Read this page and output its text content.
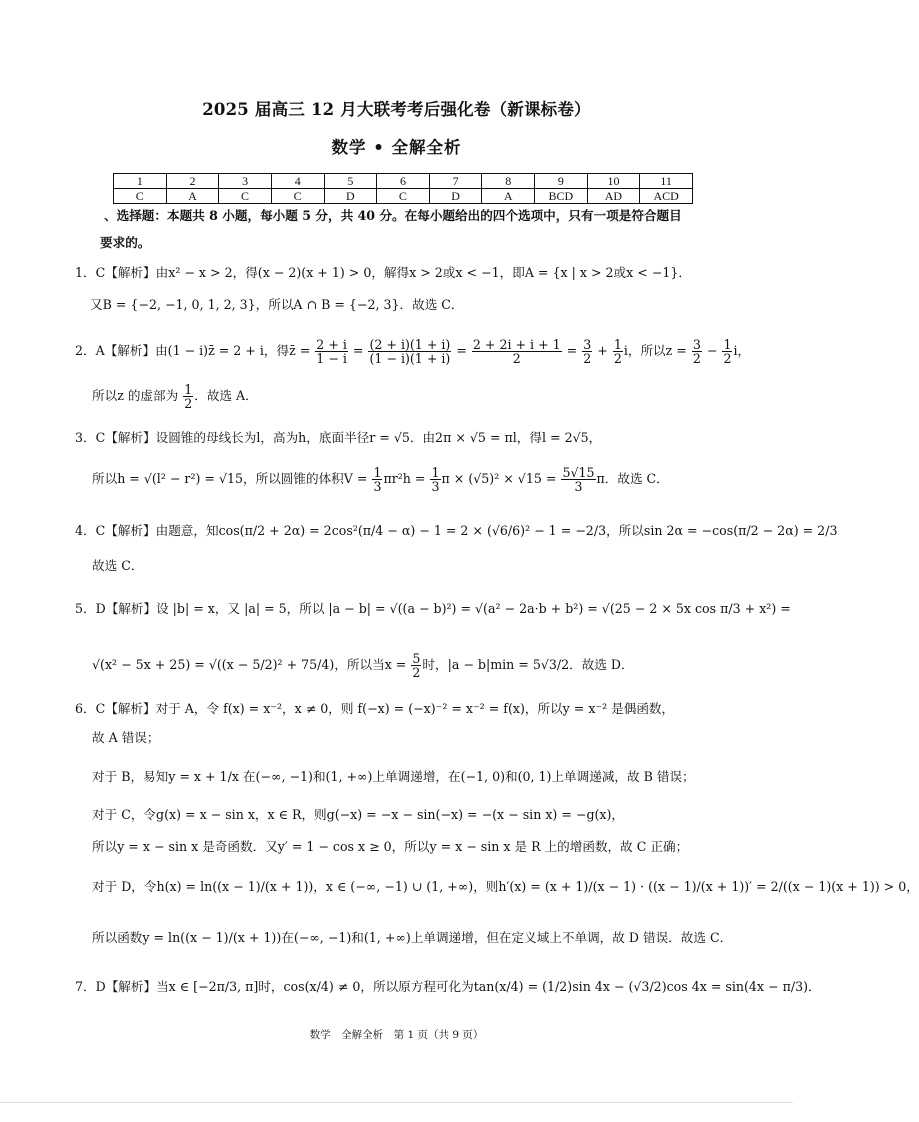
2025 届高三 12 月大联考考后强化卷（新课标卷）
数学 • 全解全析
1	2	3	4	5	6	7	8	9	10	11
C	A	C	C	D	C	D	A	BCD	AD	ACD
、选择题：本题共 8 小题，每小题 5 分，共 40 分。在每小题给出的四个选项中，只有一项是符合题目
要求的。
1．C【解析】由x² − x > 2，得(x − 2)(x + 1) > 0，解得x > 2或x < −1，即A = {x | x > 2或x < −1}．
又B = {−2, −1, 0, 1, 2, 3}，所以A ∩ B = {−2, 3}．故选 C．
2．A【解析】由(1 − i)z̄ = 2 + i，得z̄ = $\frac{2 + i}{1 - i} = \frac{(2 + i)(1 + i)}{(1 - i)(1 + i)} = \frac{2 + 2i + i + 1}{2} = \frac{3}{2} + \frac{1}{2}$ i，所以$z = \frac{3}{2} - \frac{1}{2}$ i，
所以z 的虚部为 $\frac{1}{2}$ ．故选 A．
3．C【解析】设圆锥的母线长为l，高为h，底面半径r = √5．由2π × √5 = πl，得l = 2√5，
所以h = √(l² − r²) = √15，所以圆锥的体积$V = \frac{1}{3} \pi r^2h = \frac{1}{3}$ $\pi \times (√5)^2 \times √15 = \frac{5√15}{3}$ π．故选 C．
4．C【解析】由题意，知cos(π/2 + 2α) = 2cos²(π/4 − α) − 1 = 2 × (√6/6)² − 1 = −2/3，所以sin 2α = −cos(π/2 − 2α) = 2/3
故选 C．
5．D【解析】设 |b| = x，又 |a| = 5，所以 |a − b| = √((a − b)²) = √(a² − 2a·b + b²) = √(25 − 2 × 5x cos π/3 + x²) =
√(x² − 5x + 25) = √((x − 5/2)² + 75/4)，所以当$x = \frac{5}{2}$ 时，|a − b|min = 5√3/2．故选 D．
6．C【解析】对于 A，令 f(x) = x⁻²，x ≠ 0，则 f(−x) = (−x)⁻² = x⁻² = f(x)，所以y = x⁻² 是偶函数，
故 A 错误；
对于 B，易知y = x + 1/x 在(−∞, −1)和(1, +∞)上单调递增，在(−1, 0)和(0, 1)上单调递减，故 B 错误；
对于 C，令g(x) = x − sin x，x ∈ R，则g(−x) = −x − sin(−x) = −(x − sin x) = −g(x)，
所以y = x − sin x 是奇函数．又y′ = 1 − cos x ≥ 0，所以y = x − sin x 是 R 上的增函数，故 C 正确；
对于 D，令h(x) = ln((x − 1)/(x + 1))，x ∈ (−∞, −1) ∪ (1, +∞)，则h′(x) = (x + 1)/(x − 1) · ((x − 1)/(x + 1))′ = 2/((x − 1)(x + 1)) > 0，
所以函数y = ln((x − 1)/(x + 1))在(−∞, −1)和(1, +∞)上单调递增，但在定义域上不单调，故 D 错误．故选 C．
7．D【解析】当x ∈ [−2π/3, π]时，cos(x/4) ≠ 0，所以原方程可化为tan(x/4) = (1/2)sin 4x − (√3/2)cos 4x = sin(4x − π/3)．
数学　全解全析　第 1 页（共 9 页）
